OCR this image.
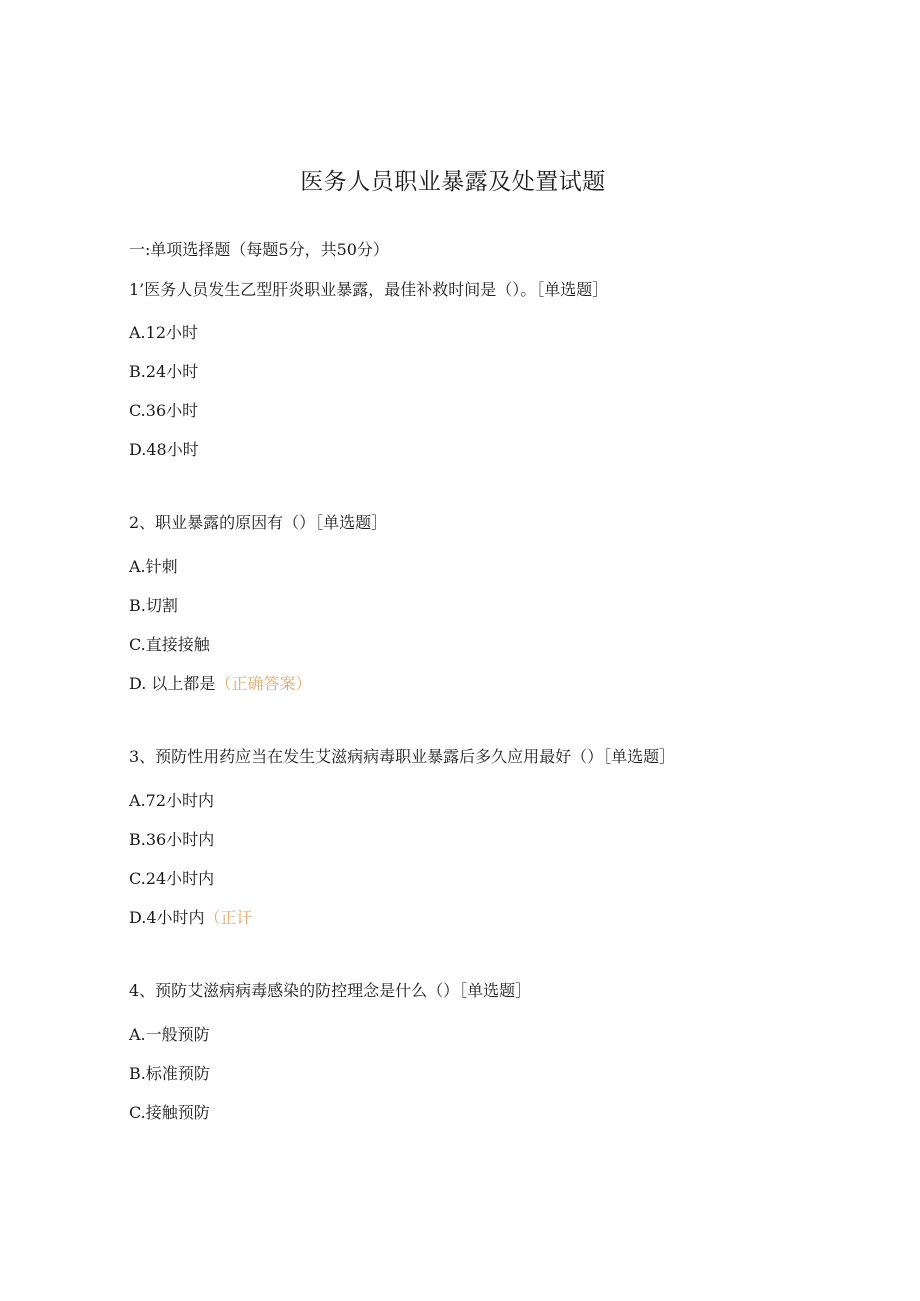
医务人员职业暴露及处置试题
一:单项选择题（每题5分，共50分）
1’医务人员发生乙型肝炎职业暴露，最佳补救时间是（）。［单选题］
A.12小时
B.24小时
C.36小时
D.48小时
2、职业暴露的原因有（）［单选题］
A.针刺
B.切割
C.直接接触
D. 以上都是（正确答案）
3、预防性用药应当在发生艾滋病病毒职业暴露后多久应用最好（）［单选题］
A.72小时内
B.36小时内
C.24小时内
D.4小时内（正讦
4、预防艾滋病病毒感染的防控理念是什么（）［单选题］
A.一般预防
B.标准预防
C.接触预防
